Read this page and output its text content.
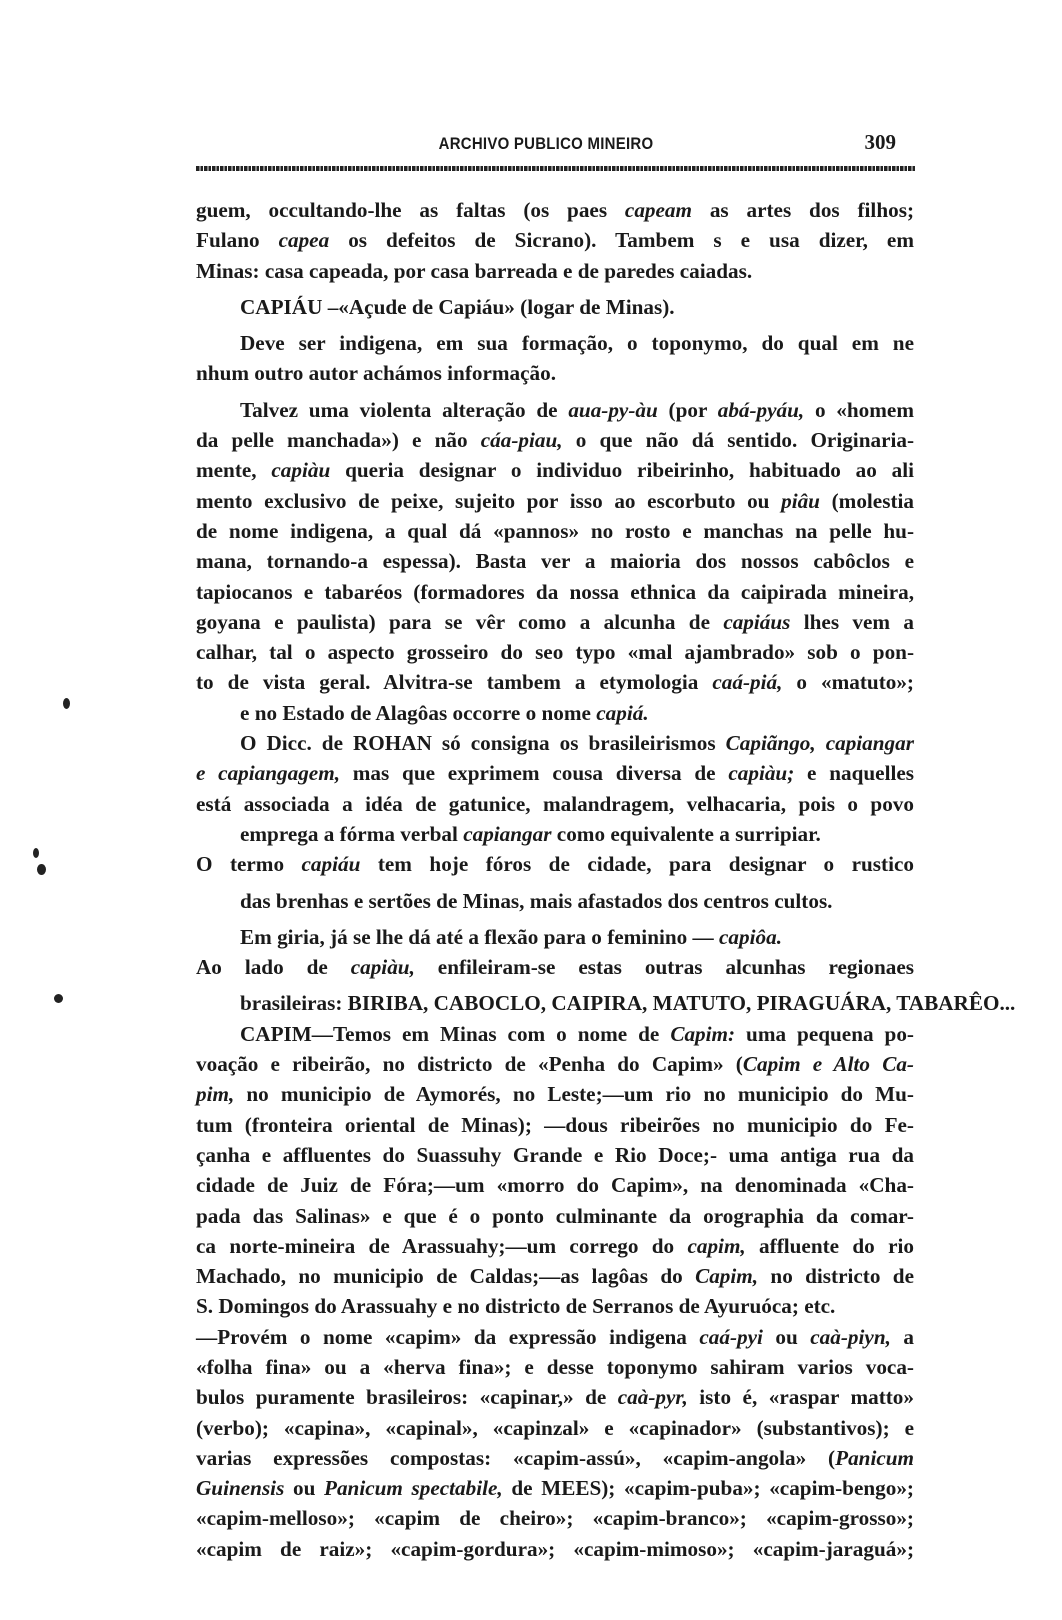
ARCHIVO PUBLICO MINEIRO	309
guem, occultando-lhe as faltas (os paes capeam as artes dos filhos;
Fulano capea os defeitos de Sicrano). Tambem s e usa dizer, em
Minas: casa capeada, por casa barreada e de paredes caiadas.
CAPIÁU –«Açude de Capiáu» (logar de Minas).
Deve ser indigena, em sua formação, o toponymo, do qual em ne
nhum outro autor achámos informação.
Talvez uma violenta alteração de aua-py-àu (por abá-pyáu, o «homem
da pelle manchada») e não cáa-piau, o que não dá sentido. Originaria-
mente, capiàu queria designar o individuo ribeirinho, habituado ao ali
mento exclusivo de peixe, sujeito por isso ao escorbuto ou piâu (molestia
de nome indigena, a qual dá «pannos» no rosto e manchas na pelle hu-
mana, tornando-a espessa). Basta ver a maioria dos nossos cabôclos e
tapiocanos e tabaréos (formadores da nossa ethnica da caipirada mineira,
goyana e paulista) para se vêr como a alcunha de capiáus lhes vem a
calhar, tal o aspecto grosseiro do seo typo «mal ajambrado» sob o pon-
to de vista geral. Alvitra-se tambem a etymologia caá-piá, o «matuto»;
e no Estado de Alagôas occorre o nome capiá.
O Dicc. de ROHAN só consigna os brasileirismos Capiãngo, capiangar
e capiangagem, mas que exprimem cousa diversa de capiàu; e naquelles
está associada a idéa de gatunice, malandragem, velhacaria, pois o povo
emprega a fórma verbal capiangar como equivalente a surripiar.
O termo capiáu tem hoje fóros de cidade, para designar o rustico
das brenhas e sertões de Minas, mais afastados dos centros cultos.
Em giria, já se lhe dá até a flexão para o feminino — capiôa.
Ao lado de capiàu, enfileiram-se estas outras alcunhas regionaes
brasileiras: BIRIBA, CABOCLO, CAIPIRA, MATUTO, PIRAGUÁRA, TABARÊO...
CAPIM—Temos em Minas com o nome de Capim: uma pequena po-
voação e ribeirão, no districto de «Penha do Capim» (Capim e Alto Ca-
pim, no municipio de Aymorés, no Leste;—um rio no municipio do Mu-
tum (fronteira oriental de Minas); —dous ribeirões no municipio do Fe-
çanha e affluentes do Suassuhy Grande e Rio Doce;- uma antiga rua da
cidade de Juiz de Fóra;—um «morro do Capim», na denominada «Cha-
pada das Salinas» e que é o ponto culminante da orographia da comar-
ca norte-mineira de Arassuahy;—um corrego do capim, affluente do rio
Machado, no municipio de Caldas;—as lagôas do Capim, no districto de
S. Domingos do Arassuahy e no districto de Serranos de Ayuruóca; etc.
—Provém o nome «capim» da expressão indigena caá-pyi ou caà-piyn, a
«folha fina» ou a «herva fina»; e desse toponymo sahiram varios voca-
bulos puramente brasileiros: «capinar,» de caà-pyr, isto é, «raspar matto»
(verbo); «capina», «capinal», «capinzal» e «capinador» (substantivos); e
varias expressões compostas: «capim-assú», «capim-angola» (Panicum
Guinensis ou Panicum spectabile, de MEES); «capim-puba»; «capim-bengo»;
«capim-melloso»; «capim de cheiro»; «capim-branco»; «capim-grosso»;
«capim de raiz»; «capim-gordura»; «capim-mimoso»; «capim-jaraguá»;
